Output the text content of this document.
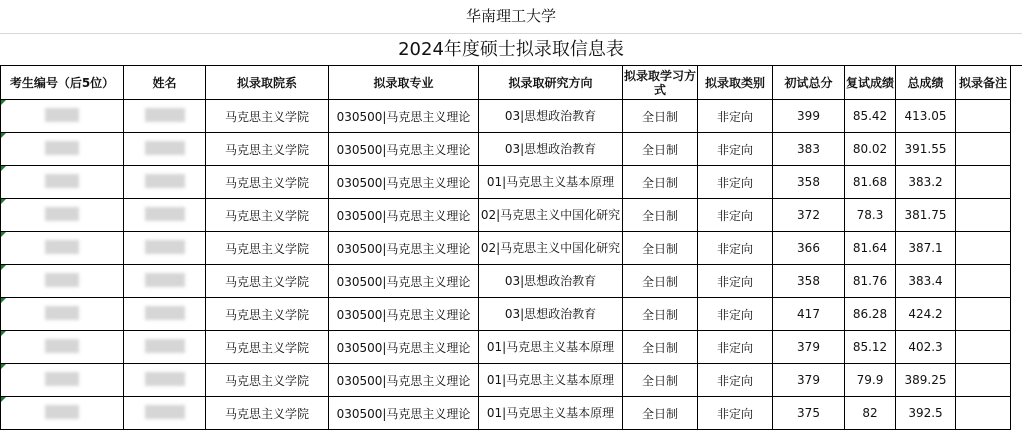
华南理工大学
2024年度硕士拟录取信息表
考生编号（后5位）	姓名	拟录取院系	拟录取专业	拟录取研究方向	拟录取学习方式	拟录取类别	初试总分	复试成绩	总成绩	拟录备注
		马克思主义学院	030500|马克思主义理论	03|思想政治教育	全日制	非定向	399	85.42	413.05	
		马克思主义学院	030500|马克思主义理论	03|思想政治教育	全日制	非定向	383	80.02	391.55	
		马克思主义学院	030500|马克思主义理论	01|马克思主义基本原理	全日制	非定向	358	81.68	383.2	
		马克思主义学院	030500|马克思主义理论	02|马克思主义中国化研究	全日制	非定向	372	78.3	381.75	
		马克思主义学院	030500|马克思主义理论	02|马克思主义中国化研究	全日制	非定向	366	81.64	387.1	
		马克思主义学院	030500|马克思主义理论	03|思想政治教育	全日制	非定向	358	81.76	383.4	
		马克思主义学院	030500|马克思主义理论	03|思想政治教育	全日制	非定向	417	86.28	424.2	
		马克思主义学院	030500|马克思主义理论	01|马克思主义基本原理	全日制	非定向	379	85.12	402.3	
		马克思主义学院	030500|马克思主义理论	01|马克思主义基本原理	全日制	非定向	379	79.9	389.25	
		马克思主义学院	030500|马克思主义理论	01|马克思主义基本原理	全日制	非定向	375	82	392.5	
